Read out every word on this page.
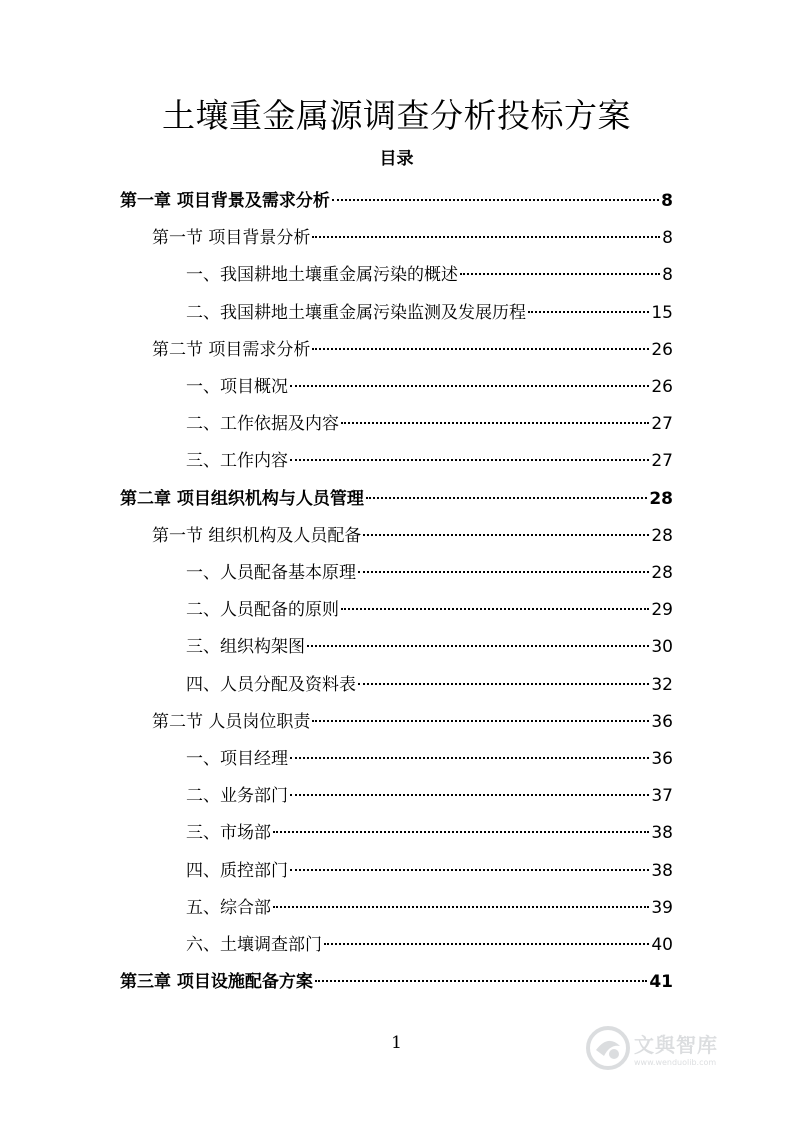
土壤重金属源调查分析投标方案
目录
第一章 项目背景及需求分析	8
第一节 项目背景分析	8
一、我国耕地土壤重金属污染的概述	8
二、我国耕地土壤重金属污染监测及发展历程	15
第二节 项目需求分析	26
一、项目概况	26
二、工作依据及内容	27
三、工作内容	27
第二章 项目组织机构与人员管理	28
第一节 组织机构及人员配备	28
一、人员配备基本原理	28
二、人员配备的原则	29
三、组织构架图	30
四、人员分配及资料表	32
第二节 人员岗位职责	36
一、项目经理	36
二、业务部门	37
三、市场部	38
四、质控部门	38
五、综合部	39
六、土壤调查部门	40
第三章 项目设施配备方案	41
1	文與智库
www.wenduolib.com
